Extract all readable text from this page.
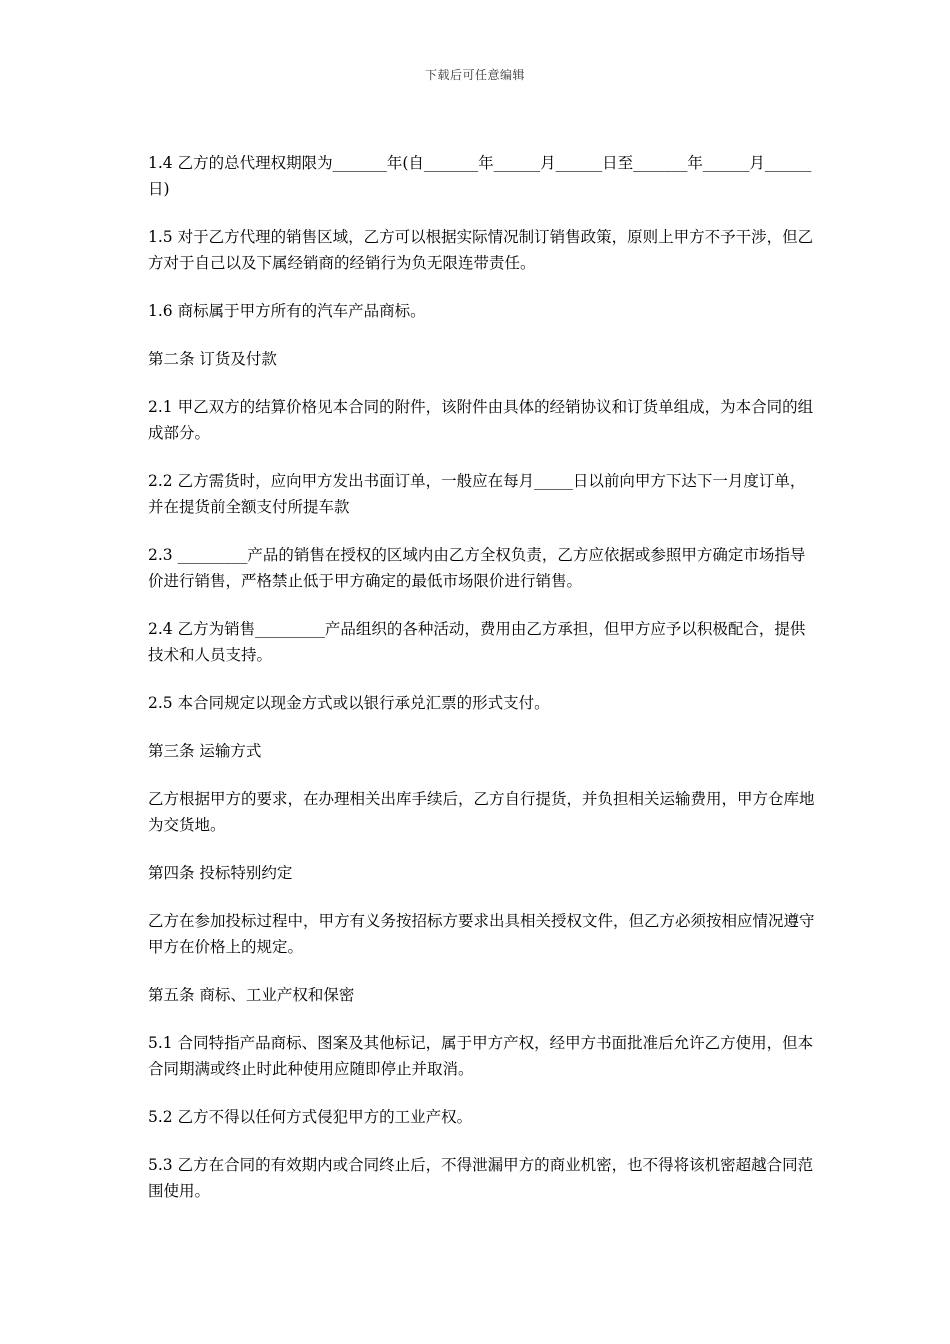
下载后可任意编辑

1.4 乙方的总代理权期限为_______年(自_______年______月______日至_______年______月______日)

1.5 对于乙方代理的销售区域，乙方可以根据实际情况制订销售政策，原则上甲方不予干涉，但乙方对于自己以及下属经销商的经销行为负无限连带责任。

1.6 商标属于甲方所有的汽车产品商标。

第二条 订货及付款

2.1 甲乙双方的结算价格见本合同的附件，该附件由具体的经销协议和订货单组成，为本合同的组成部分。

2.2 乙方需货时，应向甲方发出书面订单，一般应在每月_____日以前向甲方下达下一月度订单，并在提货前全额支付所提车款

2.3 _________产品的销售在授权的区域内由乙方全权负责，乙方应依据或参照甲方确定市场指导价进行销售，严格禁止低于甲方确定的最低市场限价进行销售。

2.4 乙方为销售_________产品组织的各种活动，费用由乙方承担，但甲方应予以积极配合，提供技术和人员支持。

2.5 本合同规定以现金方式或以银行承兑汇票的形式支付。

第三条 运输方式

乙方根据甲方的要求，在办理相关出库手续后，乙方自行提货，并负担相关运输费用，甲方仓库地为交货地。

第四条 投标特别约定

乙方在参加投标过程中，甲方有义务按招标方要求出具相关授权文件，但乙方必须按相应情况遵守甲方在价格上的规定。

第五条 商标、工业产权和保密

5.1 合同特指产品商标、图案及其他标记，属于甲方产权，经甲方书面批准后允许乙方使用，但本合同期满或终止时此种使用应随即停止并取消。

5.2 乙方不得以任何方式侵犯甲方的工业产权。

5.3 乙方在合同的有效期内或合同终止后，不得泄漏甲方的商业机密，也不得将该机密超越合同范围使用。
